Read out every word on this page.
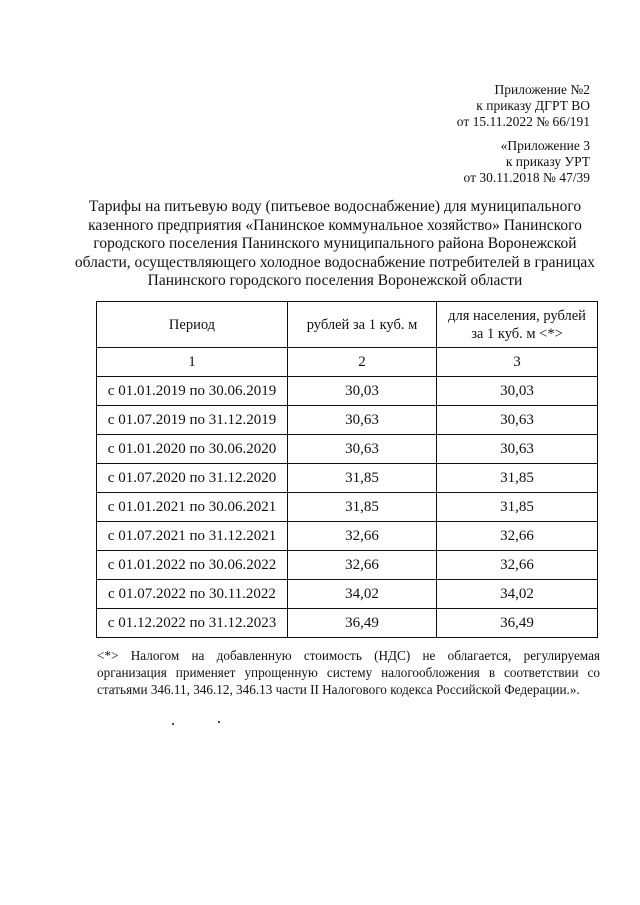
Приложение №2
к приказу ДГРТ ВО
от 15.11.2022 № 66/191
«Приложение 3
к приказу УРТ
от 30.11.2018 № 47/39
Тарифы на питьевую воду (питьевое водоснабжение) для муниципального казенного предприятия «Панинское коммунальное хозяйство» Панинского городского поселения Панинского муниципального района Воронежской области, осуществляющего холодное водоснабжение потребителей в границах Панинского городского поселения Воронежской области
Период	рублей за 1 куб. м	для населения, рублей за 1 куб. м <*>
1	2	3
с 01.01.2019 по 30.06.2019	30,03	30,03
с 01.07.2019 по 31.12.2019	30,63	30,63
с 01.01.2020 по 30.06.2020	30,63	30,63
с 01.07.2020 по 31.12.2020	31,85	31,85
с 01.01.2021 по 30.06.2021	31,85	31,85
с 01.07.2021 по 31.12.2021	32,66	32,66
с 01.01.2022 по 30.06.2022	32,66	32,66
с 01.07.2022 по 30.11.2022	34,02	34,02
с 01.12.2022 по 31.12.2023	36,49	36,49
<*> Налогом на добавленную стоимость (НДС) не облагается, регулируемая организация применяет упрощенную систему налогообложения в соответствии со статьями 346.11, 346.12, 346.13 части II Налогового кодекса Российской Федерации.».
